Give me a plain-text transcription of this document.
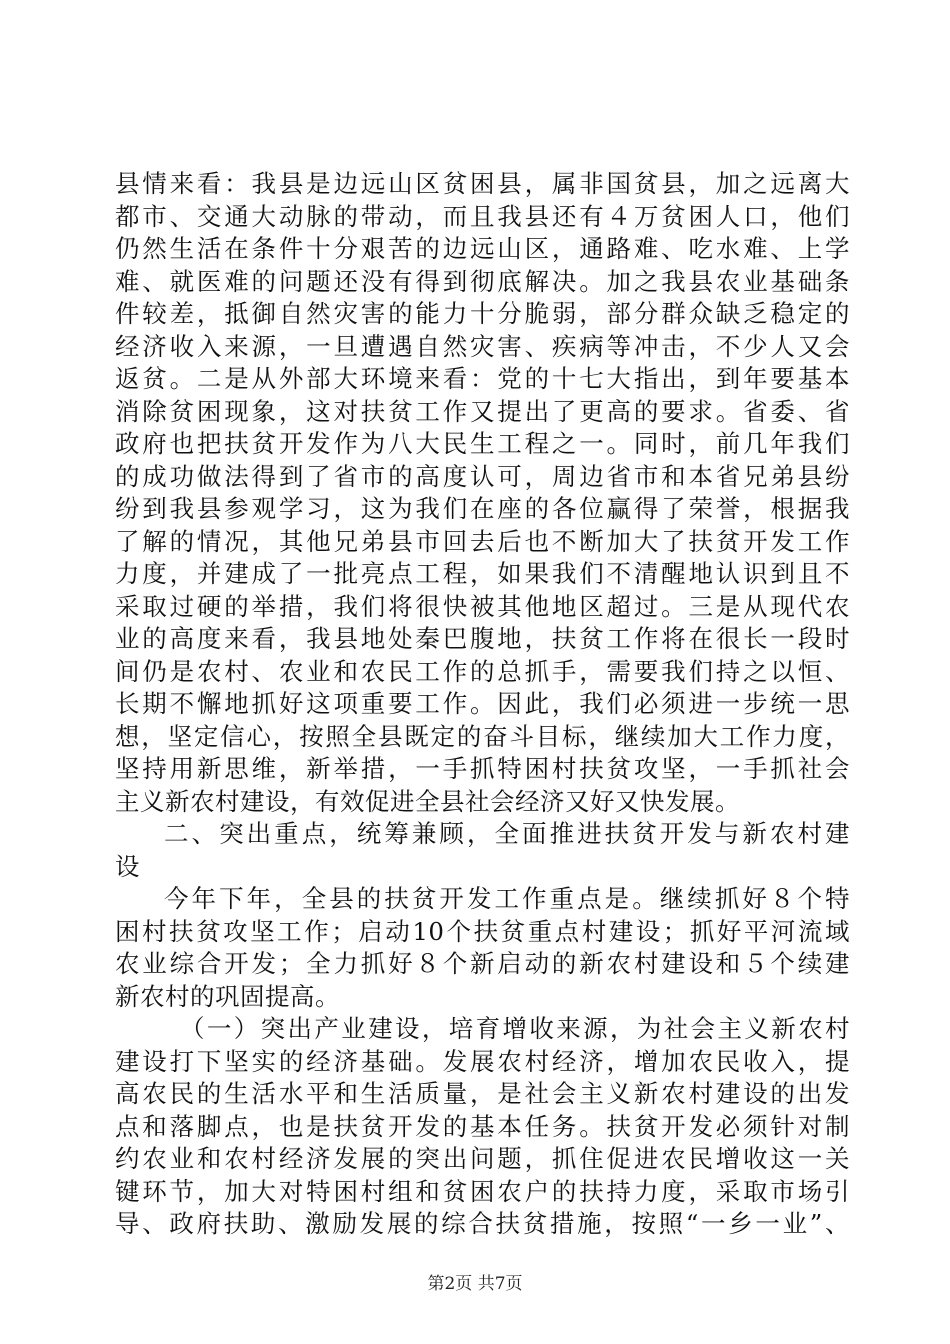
县情来看：我县是边远山区贫困县，属非国贫县，加之远离大
都市、交通大动脉的带动，而且我县还有４万贫困人口，他们
仍然生活在条件十分艰苦的边远山区，通路难、吃水难、上学
难、就医难的问题还没有得到彻底解决。加之我县农业基础条
件较差，抵御自然灾害的能力十分脆弱，部分群众缺乏稳定的
经济收入来源，一旦遭遇自然灾害、疾病等冲击，不少人又会
返贫。二是从外部大环境来看：党的十七大指出，到年要基本
消除贫困现象，这对扶贫工作又提出了更高的要求。省委、省
政府也把扶贫开发作为八大民生工程之一。同时，前几年我们
的成功做法得到了省市的高度认可，周边省市和本省兄弟县纷
纷到我县参观学习，这为我们在座的各位赢得了荣誉，根据我
了解的情况，其他兄弟县市回去后也不断加大了扶贫开发工作
力度，并建成了一批亮点工程，如果我们不清醒地认识到且不
采取过硬的举措，我们将很快被其他地区超过。三是从现代农
业的高度来看，我县地处秦巴腹地，扶贫工作将在很长一段时
间仍是农村、农业和农民工作的总抓手，需要我们持之以恒、
长期不懈地抓好这项重要工作。因此，我们必须进一步统一思
想，坚定信心，按照全县既定的奋斗目标，继续加大工作力度，
坚持用新思维，新举措，一手抓特困村扶贫攻坚，一手抓社会
主义新农村建设，有效促进全县社会经济又好又快发展。
二、突出重点，统筹兼顾，全面推进扶贫开发与新农村建
设
今年下年，全县的扶贫开发工作重点是。继续抓好８个特
困村扶贫攻坚工作；启动10个扶贫重点村建设；抓好平河流域
农业综合开发；全力抓好８个新启动的新农村建设和５个续建
新农村的巩固提高。
（一）突出产业建设，培育增收来源，为社会主义新农村
建设打下坚实的经济基础。发展农村经济，增加农民收入，提
高农民的生活水平和生活质量，是社会主义新农村建设的出发
点和落脚点，也是扶贫开发的基本任务。扶贫开发必须针对制
约农业和农村经济发展的突出问题，抓住促进农民增收这一关
键环节，加大对特困村组和贫困农户的扶持力度，采取市场引
导、政府扶助、激励发展的综合扶贫措施，按照“一乡一业”、
第2页 共7页
